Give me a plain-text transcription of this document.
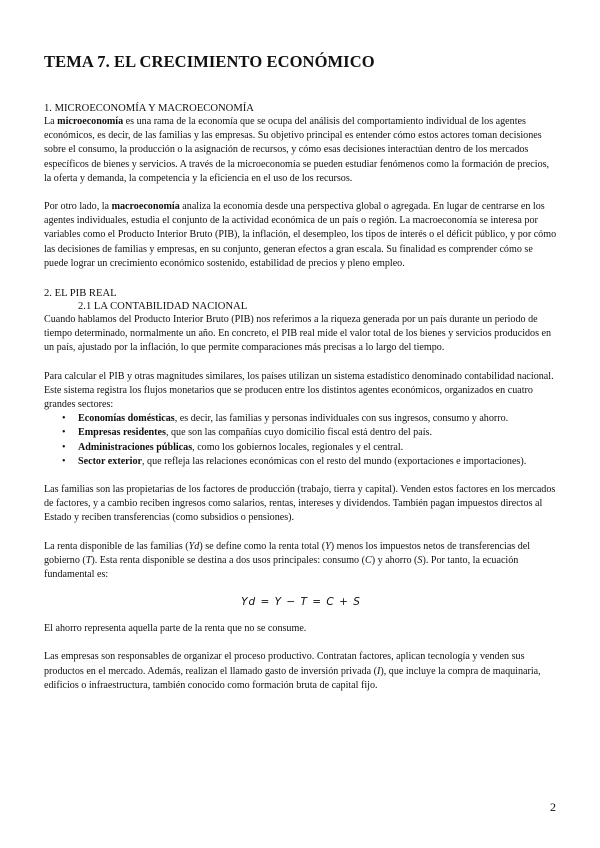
TEMA 7. EL CRECIMIENTO ECONÓMICO
1. MICROECONOMÍA Y MACROECONOMÍA

La microeconomía es una rama de la economía que se ocupa del análisis del comportamiento individual de los agentes económicos, es decir, de las familias y las empresas. Su objetivo principal es entender cómo estos actores toman decisiones sobre el consumo, la producción o la asignación de recursos, y cómo esas decisiones interactúan dentro de los mercados específicos de bienes y servicios. A través de la microeconomía se pueden estudiar fenómenos como la formación de precios, la oferta y demanda, la competencia y la eficiencia en el uso de los recursos.

Por otro lado, la macroeconomía analiza la economía desde una perspectiva global o agregada. En lugar de centrarse en los agentes individuales, estudia el conjunto de la actividad económica de un país o región. La macroeconomía se interesa por variables como el Producto Interior Bruto (PIB), la inflación, el desempleo, los tipos de interés o el déficit público, y por cómo las decisiones de familias y empresas, en su conjunto, generan efectos a gran escala. Su finalidad es comprender cómo se puede lograr un crecimiento económico sostenido, estabilidad de precios y pleno empleo.

2. EL PIB REAL
2.1 LA CONTABILIDAD NACIONAL

Cuando hablamos del Producto Interior Bruto (PIB) nos referimos a la riqueza generada por un país durante un periodo de tiempo determinado, normalmente un año. En concreto, el PIB real mide el valor total de los bienes y servicios producidos en un país, ajustado por la inflación, lo que permite comparaciones más precisas a lo largo del tiempo.

Para calcular el PIB y otras magnitudes similares, los países utilizan un sistema estadístico denominado contabilidad nacional. Este sistema registra los flujos monetarios que se producen entre los distintos agentes económicos, organizados en cuatro grandes sectores:

• Economías domésticas, es decir, las familias y personas individuales con sus ingresos, consumo y ahorro.
• Empresas residentes, que son las compañías cuyo domicilio fiscal está dentro del país.
• Administraciones públicas, como los gobiernos locales, regionales y el central.
• Sector exterior, que refleja las relaciones económicas con el resto del mundo (exportaciones e importaciones).

Las familias son las propietarias de los factores de producción (trabajo, tierra y capital). Venden estos factores en los mercados de factores, y a cambio reciben ingresos como salarios, rentas, intereses y dividendos. También pagan impuestos directos al Estado y reciben transferencias (como subsidios o pensiones).

La renta disponible de las familias (Yd) se define como la renta total (Y) menos los impuestos netos de transferencias del gobierno (T). Esta renta disponible se destina a dos usos principales: consumo (C) y ahorro (S). Por tanto, la ecuación fundamental es:

Yd = Y − T = C + S

El ahorro representa aquella parte de la renta que no se consume.

Las empresas son responsables de organizar el proceso productivo. Contratan factores, aplican tecnología y venden sus productos en el mercado. Además, realizan el llamado gasto de inversión privada (I), que incluye la compra de maquinaria, edificios o infraestructura, también conocido como formación bruta de capital fijo.

2
